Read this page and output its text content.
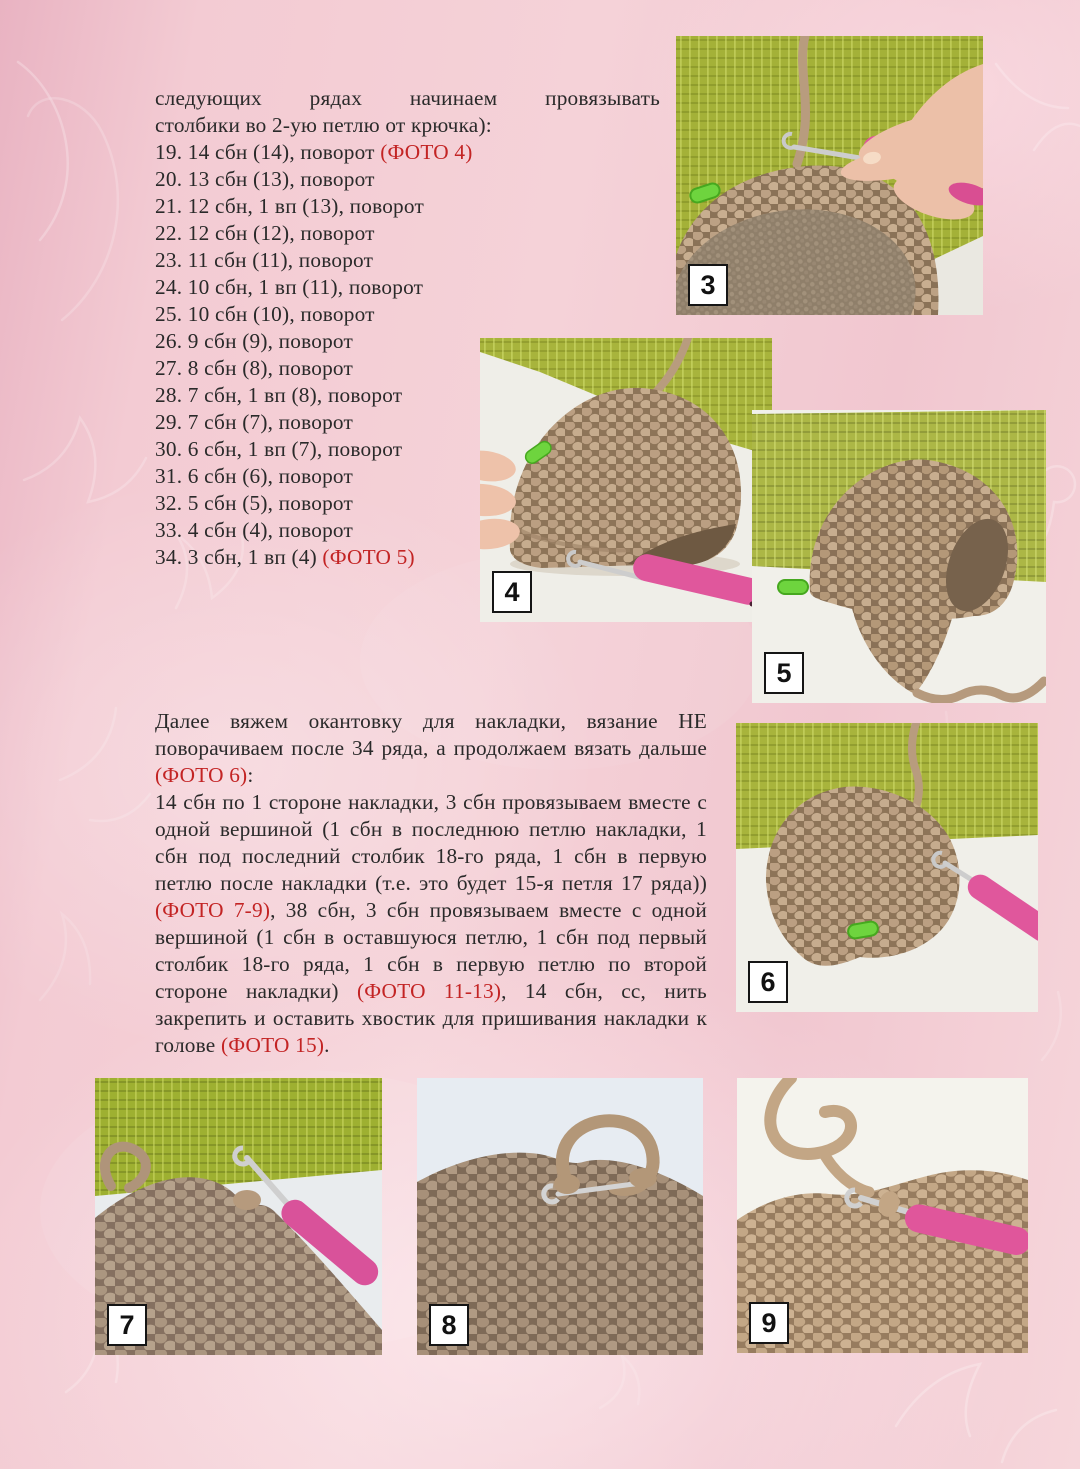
следующих рядах начинаем провязывать
столбики во 2-ую петлю от крючка):
19. 14 сбн (14), поворот (ФОТО 4)
20. 13 сбн (13), поворот
21. 12 сбн, 1 вп (13), поворот
22. 12 сбн (12), поворот
23. 11 сбн (11), поворот
24. 10 сбн, 1 вп (11), поворот
25. 10 сбн (10), поворот
26. 9 сбн (9), поворот
27. 8 сбн (8), поворот
28. 7 сбн, 1 вп (8), поворот
29. 7 сбн (7), поворот
30. 6 сбн, 1 вп (7), поворот
31. 6 сбн (6), поворот
32. 5 сбн (5), поворот
33. 4 сбн (4), поворот
34. 3 сбн, 1 вп (4) (ФОТО 5)

Далее вяжем окантовку для накладки, вязание НЕ поворачиваем после 34 ряда, а продолжаем вязать дальше (ФОТО 6):

14 сбн по 1 стороне накладки, 3 сбн провязываем вместе с одной вершиной (1 сбн в последнюю петлю накладки, 1 сбн под последний столбик 18-го ряда, 1 сбн в первую петлю после накладки (т.е. это будет 15-я петля 17 ряда)) (ФОТО 7-9), 38 сбн, 3 сбн провязываем вместе с одной вершиной (1 сбн в оставшуюся петлю, 1 сбн под первый столбик 18-го ряда, 1 сбн в первую петлю по второй стороне накладки) (ФОТО 11-13), 14 сбн, сс, нить закрепить и оставить хвостик для пришивания накладки к голове (ФОТО 15).

3
4
5
6
7	8	9
